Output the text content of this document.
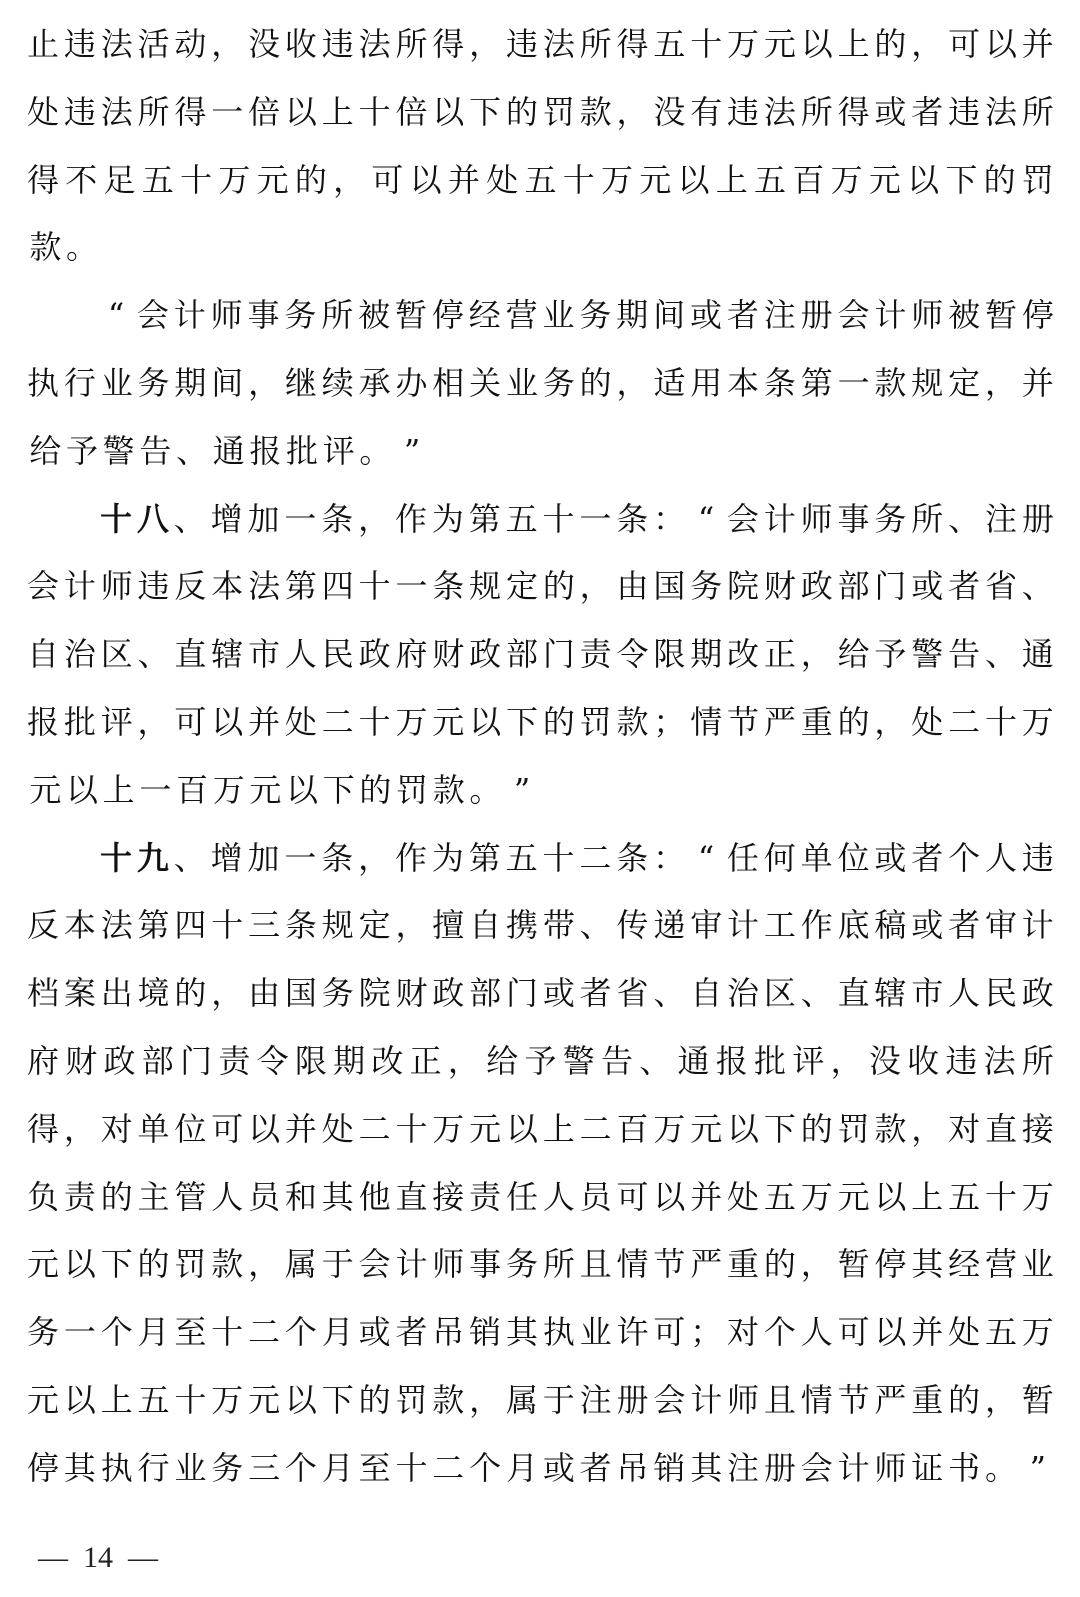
止 违 法 活 动 ， 没 收 违 法 所 得 ， 违 法 所 得 五 十 万 元 以 上 的 ， 可 以 并
处 违 法 所 得 一 倍 以 上 十 倍 以 下 的 罚 款 ， 没 有 违 法 所 得 或 者 违 法 所
得 不 足 五 十 万 元 的 ， 可 以 并 处 五 十 万 元 以 上 五 百 万 元 以 下 的 罚
款 。
“ 会 计 师 事 务 所 被 暂 停 经 营 业 务 期 间 或 者 注 册 会 计 师 被 暂 停
执 行 业 务 期 间 ， 继 续 承 办 相 关 业 务 的 ， 适 用 本 条 第 一 款 规 定 ， 并
给 予 警 告 、 通 报 批 评 。 ”
十 八 、 增 加 一 条 ， 作 为 第 五 十 一 条 ： “ 会 计 师 事 务 所 、 注 册
会 计 师 违 反 本 法 第 四 十 一 条 规 定 的 ， 由 国 务 院 财 政 部 门 或 者 省 、
自 治 区 、 直 辖 市 人 民 政 府 财 政 部 门 责 令 限 期 改 正 ， 给 予 警 告 、 通
报 批 评 ， 可 以 并 处 二 十 万 元 以 下 的 罚 款 ； 情 节 严 重 的 ， 处 二 十 万
元 以 上 一 百 万 元 以 下 的 罚 款 。 ”
十 九 、 增 加 一 条 ， 作 为 第 五 十 二 条 ： “ 任 何 单 位 或 者 个 人 违
反 本 法 第 四 十 三 条 规 定 ， 擅 自 携 带 、 传 递 审 计 工 作 底 稿 或 者 审 计
档 案 出 境 的 ， 由 国 务 院 财 政 部 门 或 者 省 、 自 治 区 、 直 辖 市 人 民 政
府 财 政 部 门 责 令 限 期 改 正 ， 给 予 警 告 、 通 报 批 评 ， 没 收 违 法 所
得 ， 对 单 位 可 以 并 处 二 十 万 元 以 上 二 百 万 元 以 下 的 罚 款 ， 对 直 接
负 责 的 主 管 人 员 和 其 他 直 接 责 任 人 员 可 以 并 处 五 万 元 以 上 五 十 万
元 以 下 的 罚 款 ， 属 于 会 计 师 事 务 所 且 情 节 严 重 的 ， 暂 停 其 经 营 业
务 一 个 月 至 十 二 个 月 或 者 吊 销 其 执 业 许 可 ； 对 个 人 可 以 并 处 五 万
元 以 上 五 十 万 元 以 下 的 罚 款 ， 属 于 注 册 会 计 师 且 情 节 严 重 的 ， 暂
停 其 执 行 业 务 三 个 月 至 十 二 个 月 或 者 吊 销 其 注 册 会 计 师 证 书 。 ”
—  14  —
